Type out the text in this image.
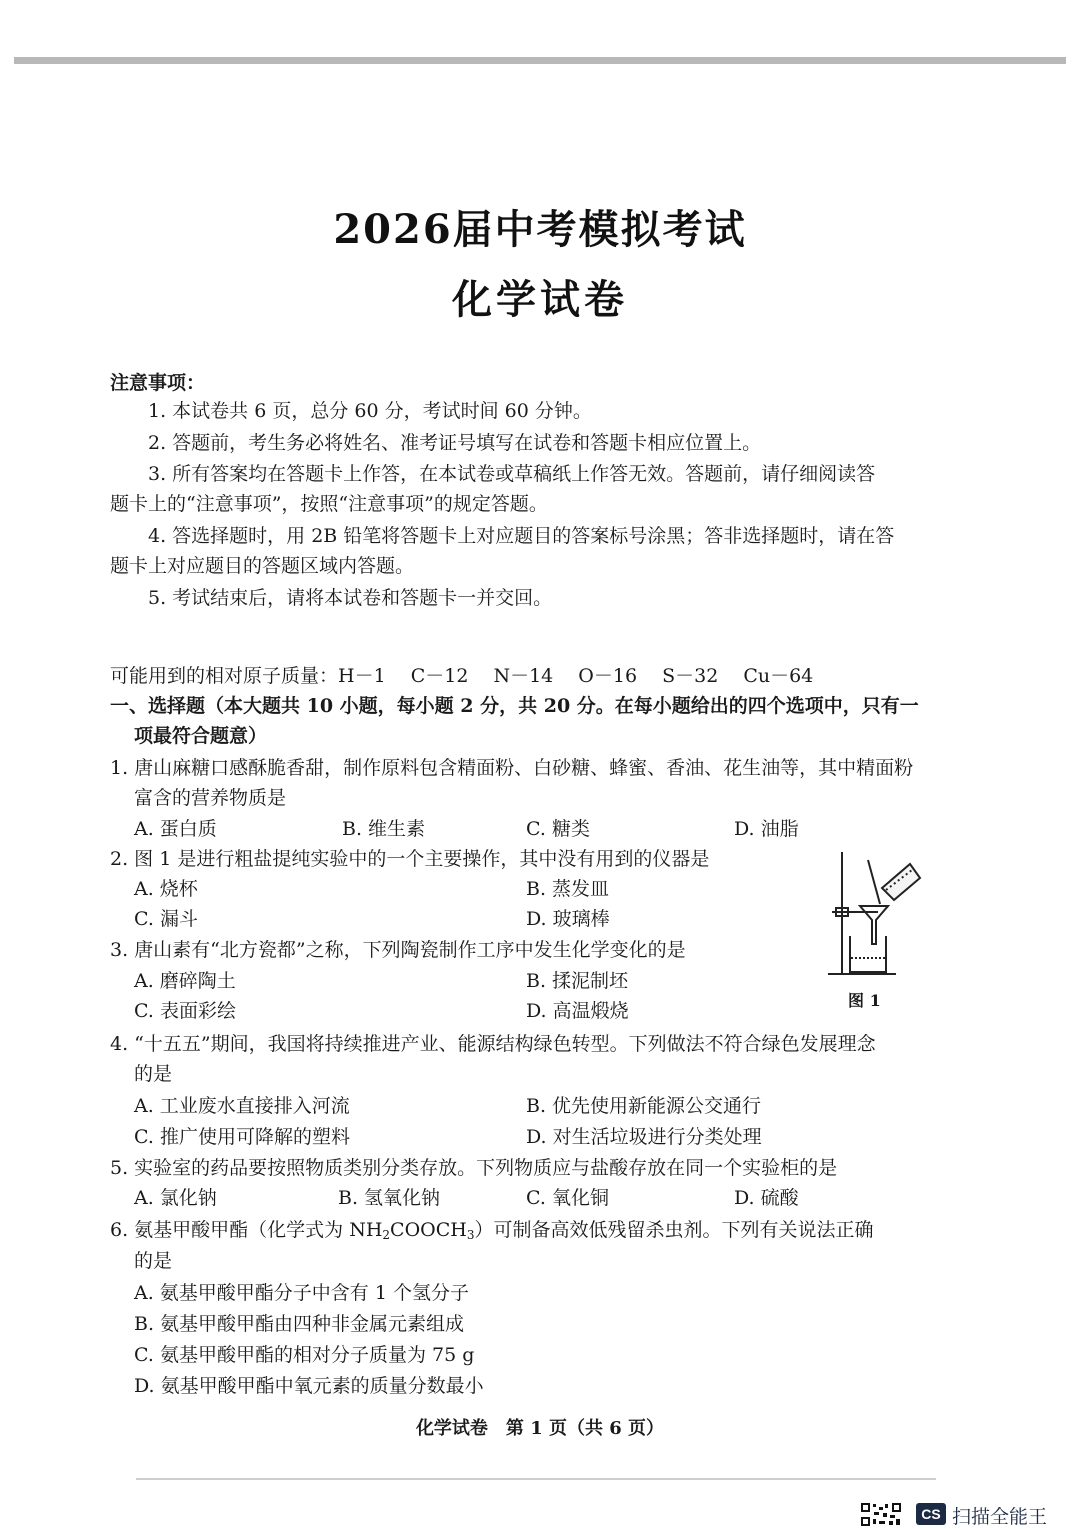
2026届中考模拟考试
化学试卷
注意事项：
1. 本试卷共 6 页，总分 60 分，考试时间 60 分钟。
2. 答题前，考生务必将姓名、准考证号填写在试卷和答题卡相应位置上。
3. 所有答案均在答题卡上作答，在本试卷或草稿纸上作答无效。答题前，请仔细阅读答
题卡上的“注意事项”，按照“注意事项”的规定答题。
4. 答选择题时，用 2B 铅笔将答题卡上对应题目的答案标号涂黑；答非选择题时，请在答
题卡上对应题目的答题区域内答题。
5. 考试结束后，请将本试卷和答题卡一并交回。
可能用到的相对原子质量：H－1　 C－12　 N－14　 O－16　 S－32　 Cu－64
一、选择题（本大题共 10 小题，每小题 2 分，共 20 分。在每小题给出的四个选项中，只有一
项最符合题意）
1. 唐山麻糖口感酥脆香甜，制作原料包含精面粉、白砂糖、蜂蜜、香油、花生油等，其中精面粉
富含的营养物质是
A. 蛋白质	B. 维生素	C. 糖类	D. 油脂
2. 图 1 是进行粗盐提纯实验中的一个主要操作，其中没有用到的仪器是
A. 烧杯	B. 蒸发皿
C. 漏斗	D. 玻璃棒
3. 唐山素有“北方瓷都”之称，下列陶瓷制作工序中发生化学变化的是
A. 磨碎陶土	B. 揉泥制坯
C. 表面彩绘	D. 高温煅烧	图 1
4. “十五五”期间，我国将持续推进产业、能源结构绿色转型。下列做法不符合绿色发展理念
的是
A. 工业废水直接排入河流	B. 优先使用新能源公交通行
C. 推广使用可降解的塑料	D. 对生活垃圾进行分类处理
5. 实验室的药品要按照物质类别分类存放。下列物质应与盐酸存放在同一个实验柜的是
A. 氯化钠	B. 氢氧化钠	C. 氧化铜	D. 硫酸
6. 氨基甲酸甲酯（化学式为 $NH_2COOCH_3$）可制备高效低残留杀虫剂。下列有关说法正确
的是
A. 氨基甲酸甲酯分子中含有 1 个氢分子
B. 氨基甲酸甲酯由四种非金属元素组成
C. 氨基甲酸甲酯的相对分子质量为 75 g
D. 氨基甲酸甲酯中氧元素的质量分数最小
化学试卷　第 1 页（共 6 页）
CS 扫描全能王
